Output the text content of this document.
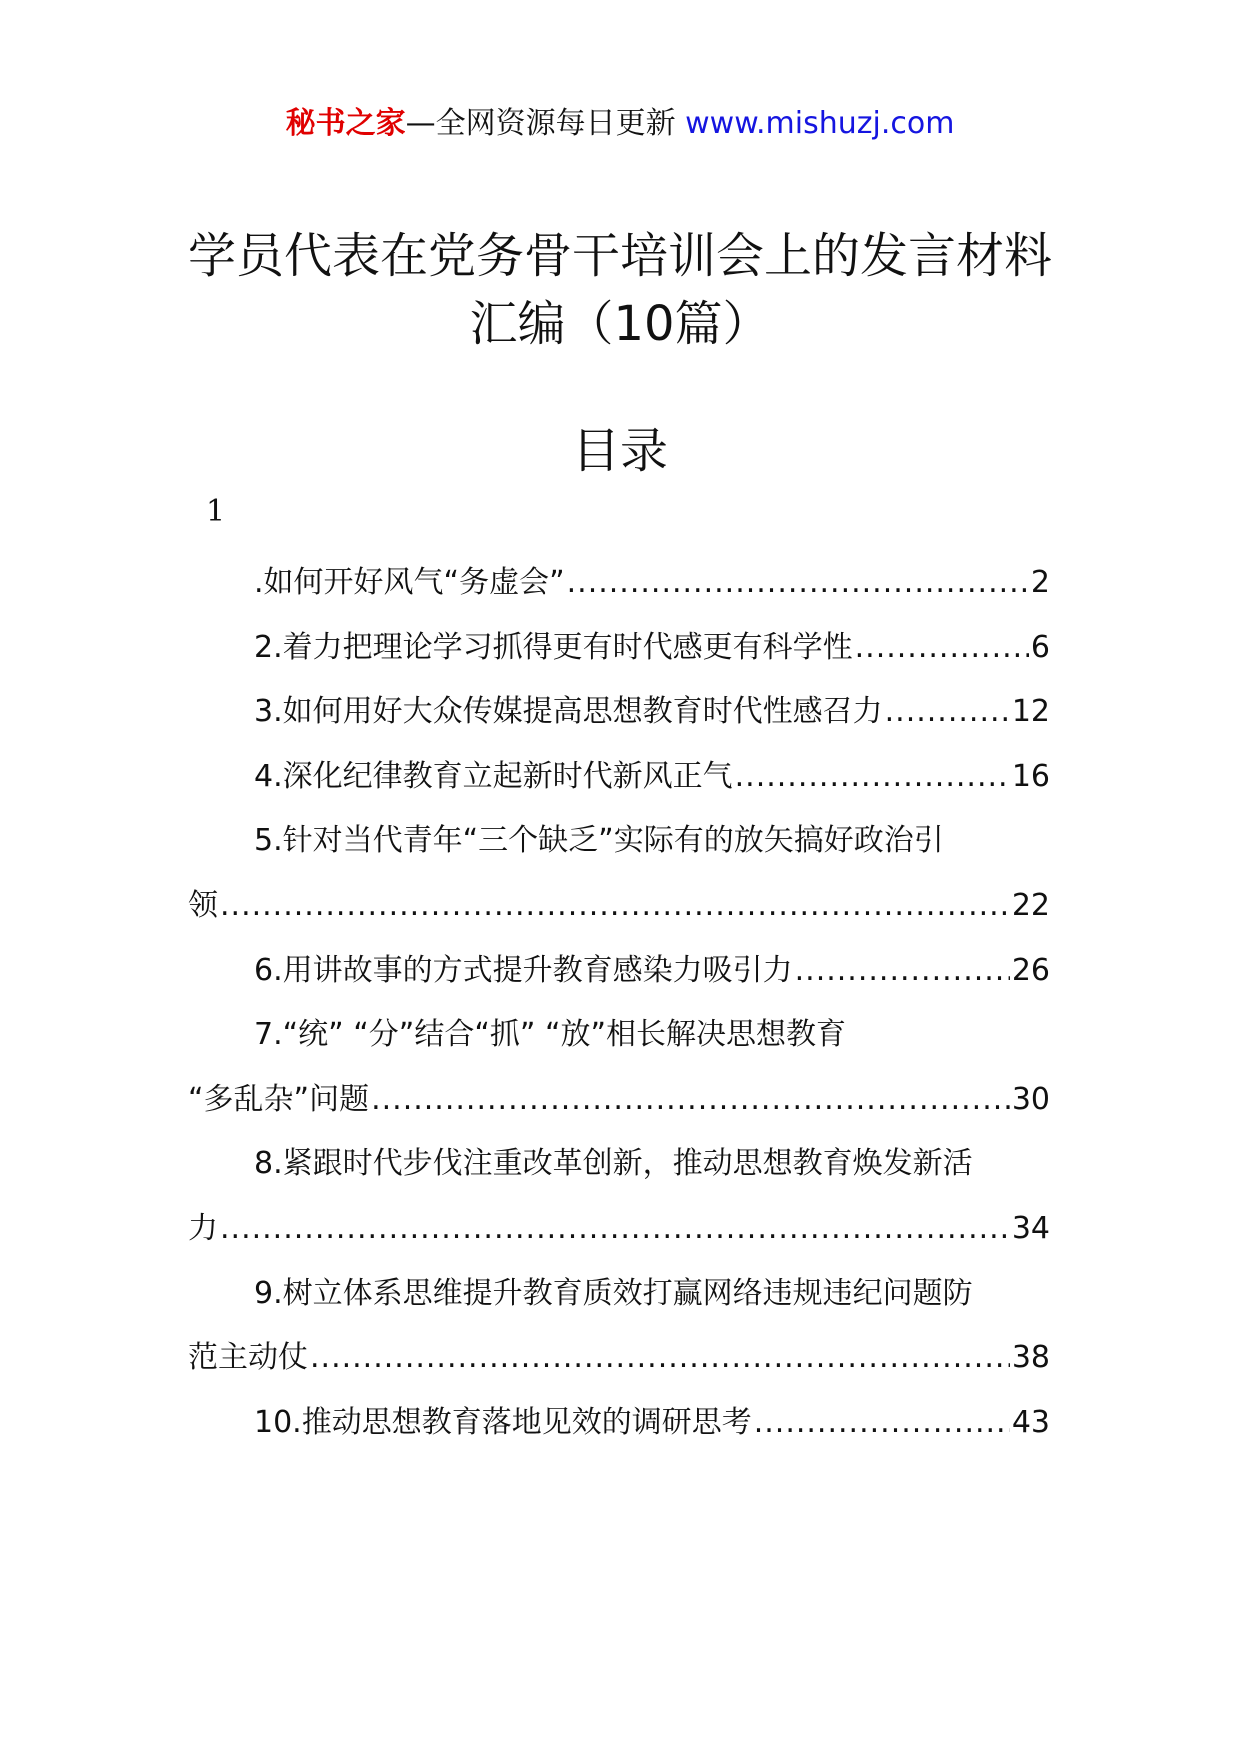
秘书之家—全网资源每日更新 www.mishuzj.com
学员代表在党务骨干培训会上的发言材料
汇编（10篇）
目录
1
.如何开好风气“务虚会” .....	2
2.着力把理论学习抓得更有时代感更有科学性 .....	6
3.如何用好大众传媒提高思想教育时代性感召力 .....	12
4.深化纪律教育立起新时代新风正气 .....	16
5.针对当代青年“三个缺乏”实际有的放矢搞好政治引
领 .....	22
6.用讲故事的方式提升教育感染力吸引力 .....	26
7.“统” “分”结合“抓” “放”相长解决思想教育
“多乱杂”问题 .....	30
8.紧跟时代步伐注重改革创新，推动思想教育焕发新活
力 .....	34
9.树立体系思维提升教育质效打赢网络违规违纪问题防
范主动仗 .....	38
10.推动思想教育落地见效的调研思考 .....	43
